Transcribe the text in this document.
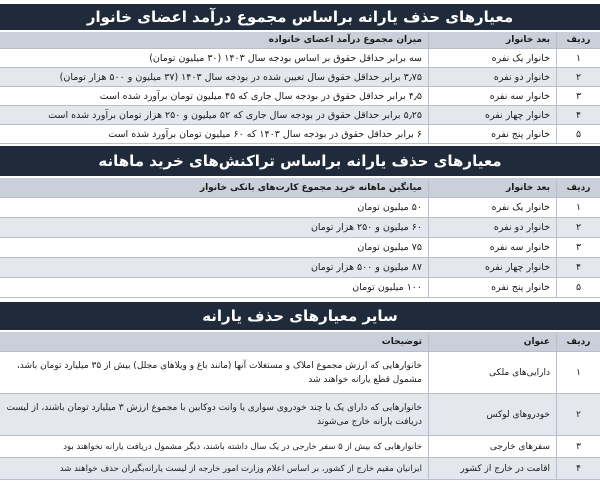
معیارهای حذف یارانه براساس مجموع درآمد اعضای خانوار
ردیف
بعد خانوار
میزان مجموع درآمد اعضای خانواده
۱
خانوار یک نفره
سه برابر حداقل حقوق بر اساس بودجه سال ۱۴۰۳ (۳۰ میلیون تومان)
۲
خانوار دو نفره
۳٫۷۵ برابر حداقل حقوق سال تعیین شده در بودجه سال ۱۴۰۳ (۳۷ میلیون و ۵۰۰ هزار تومان)
۳
خانوار سه نفره
۴٫۵ برابر حداقل حقوق در بودجه سال جاری که ۴۵ میلیون تومان برآورد شده است
۴
خانوار چهار نفره
۵٫۲۵ برابر حداقل حقوق در بودجه سال جاری که ۵۲ میلیون و ۲۵۰ هزار تومان برآورد شده است
۵
خانوار پنج نفره
۶ برابر حداقل حقوق در بودجه سال ۱۴۰۳ که ۶۰ میلیون تومان برآورد شده است
معیارهای حذف یارانه براساس تراکنش‌های خرید ماهانه
ردیف
بعد خانوار
میانگین ماهانه خرید مجموع کارت‌های بانکی خانوار
۱
خانوار یک نفره
۵۰ میلیون تومان
۲
خانوار دو نفره
۶۰ میلیون و ۲۵۰ هزار تومان
۳
خانوار سه نفره
۷۵ میلیون تومان
۴
خانوار چهار نفره
۸۷ میلیون و ۵۰۰ هزار تومان
۵
خانوار پنج نفره
۱۰۰ میلیون تومان
سایر معیارهای حذف یارانه
ردیف
عنوان
توضیحات
۱
دارایی‌های ملکی
خانوارهایی که ارزش مجموع املاک و مستغلات آنها (مانند باغ و ویلاهای مجلل) بیش از ۳۵ میلیارد تومان باشد، مشمول قطع یارانه خواهند شد
۲
خودروهای لوکس
خانوارهایی که دارای یک یا چند خودروی سواری یا وانت دوکابین با مجموع ارزش ۳ میلیارد تومان باشند، از لیست دریافت یارانه خارج می‌شوند
۳
سفرهای خارجی
خانوارهایی که بیش از ۵ سفر خارجی در یک سال داشته باشند، دیگر مشمول دریافت یارانه نخواهند بود
۴
اقامت در خارج از کشور
ایرانیان مقیم خارج از کشور، بر اساس اعلام وزارت امور خارجه از لیست یارانه‌بگیران حذف خواهند شد
